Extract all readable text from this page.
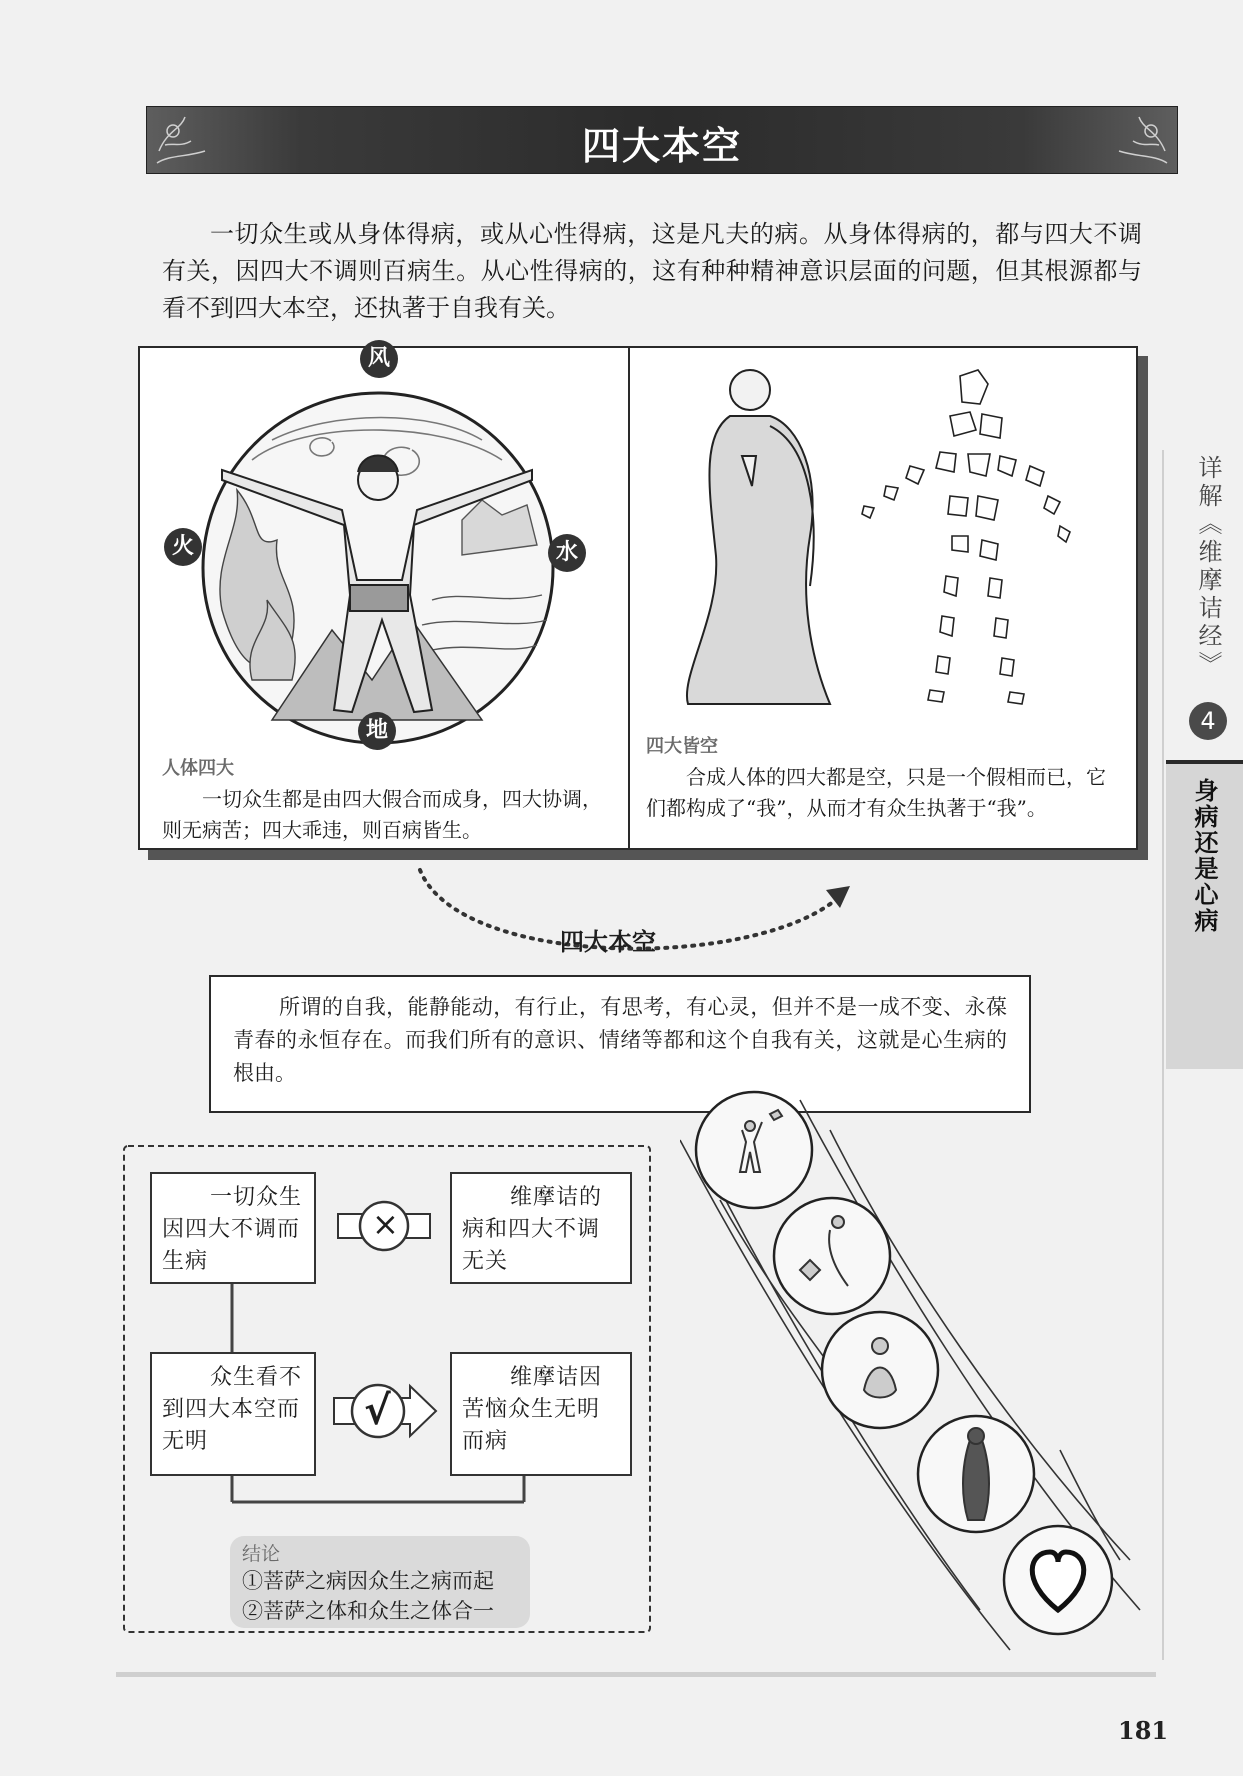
四大本空
详解《维摩诘经》
4
身病还是心病
一切众生或从身体得病，或从心性得病，这是凡夫的病。从身体得病的，都与四大不调有关，因四大不调则百病生。从心性得病的，这有种种精神意识层面的问题，但其根源都与看不到四大本空，还执著于自我有关。
风
火	水
地
人体四大
一切众生都是由四大假合而成身，四大协调，则无病苦；四大乖违，则百病皆生。
四大皆空
合成人体的四大都是空，只是一个假相而已，它们都构成了“我”，从而才有众生执著于“我”。
四大本空
所谓的自我，能静能动，有行止，有思考，有心灵，但并不是一成不变、永葆青春的永恒存在。而我们所有的意识、情绪等都和这个自我有关，这就是心生病的根由。
一切众生因四大不调而生病
维摩诘的病和四大不调无关
众生看不到四大本空而无明
维摩诘因苦恼众生无明而病
×
√
结论
①菩萨之病因众生之病而起
②菩萨之体和众生之体合一
181
